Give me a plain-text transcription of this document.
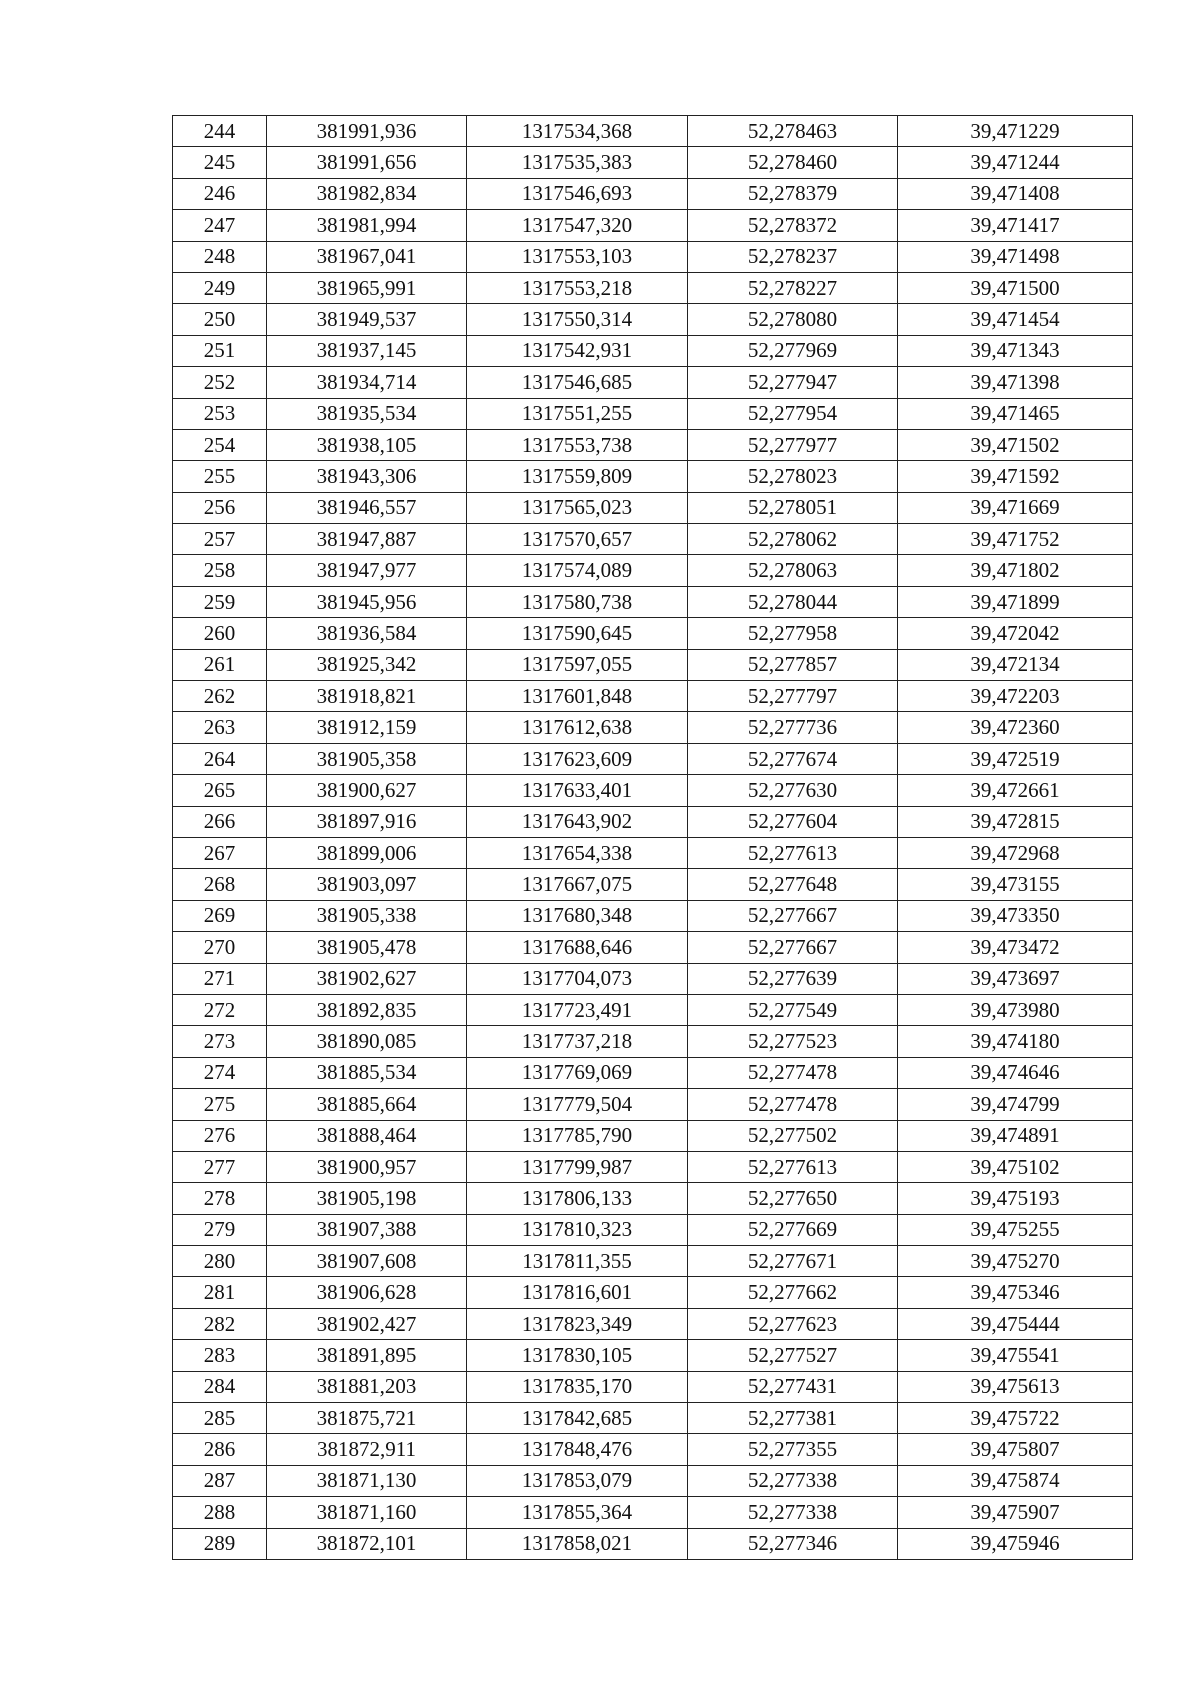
244	381991,936	1317534,368	52,278463	39,471229
245	381991,656	1317535,383	52,278460	39,471244
246	381982,834	1317546,693	52,278379	39,471408
247	381981,994	1317547,320	52,278372	39,471417
248	381967,041	1317553,103	52,278237	39,471498
249	381965,991	1317553,218	52,278227	39,471500
250	381949,537	1317550,314	52,278080	39,471454
251	381937,145	1317542,931	52,277969	39,471343
252	381934,714	1317546,685	52,277947	39,471398
253	381935,534	1317551,255	52,277954	39,471465
254	381938,105	1317553,738	52,277977	39,471502
255	381943,306	1317559,809	52,278023	39,471592
256	381946,557	1317565,023	52,278051	39,471669
257	381947,887	1317570,657	52,278062	39,471752
258	381947,977	1317574,089	52,278063	39,471802
259	381945,956	1317580,738	52,278044	39,471899
260	381936,584	1317590,645	52,277958	39,472042
261	381925,342	1317597,055	52,277857	39,472134
262	381918,821	1317601,848	52,277797	39,472203
263	381912,159	1317612,638	52,277736	39,472360
264	381905,358	1317623,609	52,277674	39,472519
265	381900,627	1317633,401	52,277630	39,472661
266	381897,916	1317643,902	52,277604	39,472815
267	381899,006	1317654,338	52,277613	39,472968
268	381903,097	1317667,075	52,277648	39,473155
269	381905,338	1317680,348	52,277667	39,473350
270	381905,478	1317688,646	52,277667	39,473472
271	381902,627	1317704,073	52,277639	39,473697
272	381892,835	1317723,491	52,277549	39,473980
273	381890,085	1317737,218	52,277523	39,474180
274	381885,534	1317769,069	52,277478	39,474646
275	381885,664	1317779,504	52,277478	39,474799
276	381888,464	1317785,790	52,277502	39,474891
277	381900,957	1317799,987	52,277613	39,475102
278	381905,198	1317806,133	52,277650	39,475193
279	381907,388	1317810,323	52,277669	39,475255
280	381907,608	1317811,355	52,277671	39,475270
281	381906,628	1317816,601	52,277662	39,475346
282	381902,427	1317823,349	52,277623	39,475444
283	381891,895	1317830,105	52,277527	39,475541
284	381881,203	1317835,170	52,277431	39,475613
285	381875,721	1317842,685	52,277381	39,475722
286	381872,911	1317848,476	52,277355	39,475807
287	381871,130	1317853,079	52,277338	39,475874
288	381871,160	1317855,364	52,277338	39,475907
289	381872,101	1317858,021	52,277346	39,475946
